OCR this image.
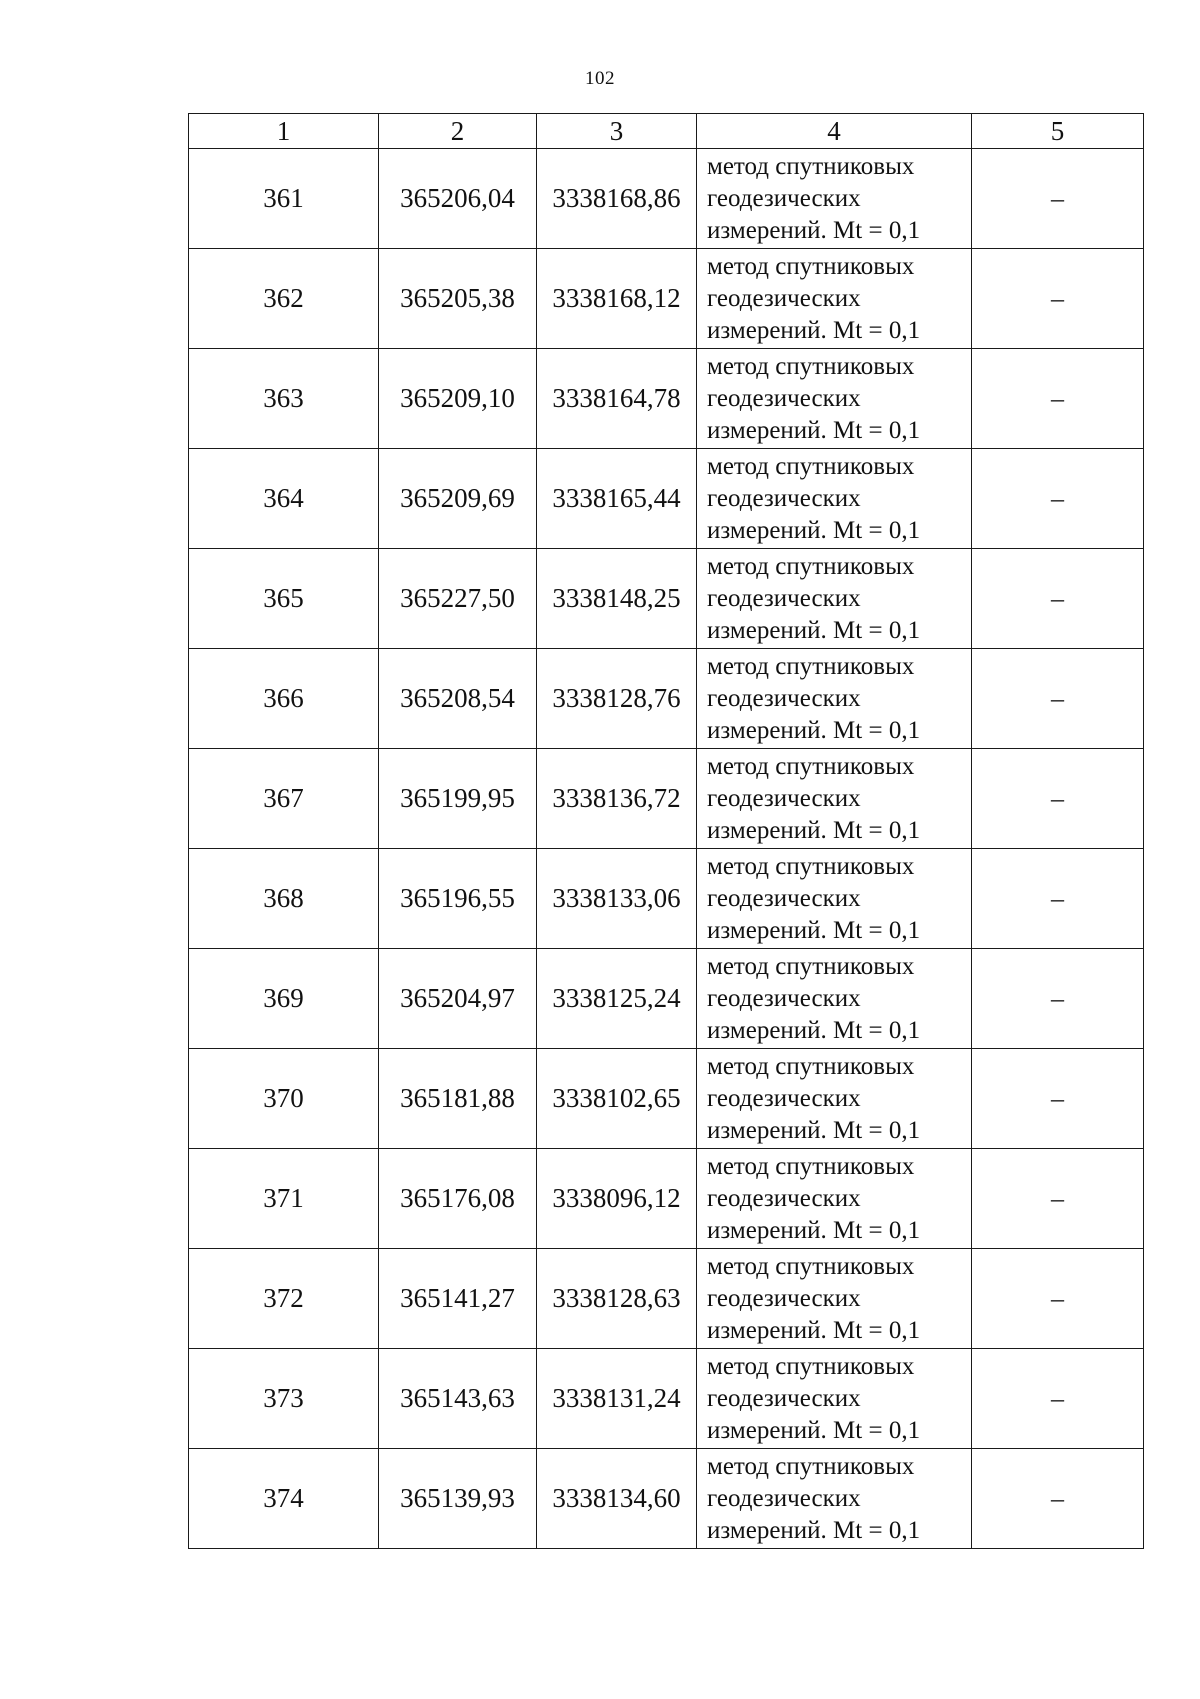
102
1	2	3	4	5
361	365206,04	3338168,86	метод спутниковых
геодезических
измерений. Mt = 0,1	–
362	365205,38	3338168,12	метод спутниковых
геодезических
измерений. Mt = 0,1	–
363	365209,10	3338164,78	метод спутниковых
геодезических
измерений. Mt = 0,1	–
364	365209,69	3338165,44	метод спутниковых
геодезических
измерений. Mt = 0,1	–
365	365227,50	3338148,25	метод спутниковых
геодезических
измерений. Mt = 0,1	–
366	365208,54	3338128,76	метод спутниковых
геодезических
измерений. Mt = 0,1	–
367	365199,95	3338136,72	метод спутниковых
геодезических
измерений. Mt = 0,1	–
368	365196,55	3338133,06	метод спутниковых
геодезических
измерений. Mt = 0,1	–
369	365204,97	3338125,24	метод спутниковых
геодезических
измерений. Mt = 0,1	–
370	365181,88	3338102,65	метод спутниковых
геодезических
измерений. Mt = 0,1	–
371	365176,08	3338096,12	метод спутниковых
геодезических
измерений. Mt = 0,1	–
372	365141,27	3338128,63	метод спутниковых
геодезических
измерений. Mt = 0,1	–
373	365143,63	3338131,24	метод спутниковых
геодезических
измерений. Mt = 0,1	–
374	365139,93	3338134,60	метод спутниковых
геодезических
измерений. Mt = 0,1	–
